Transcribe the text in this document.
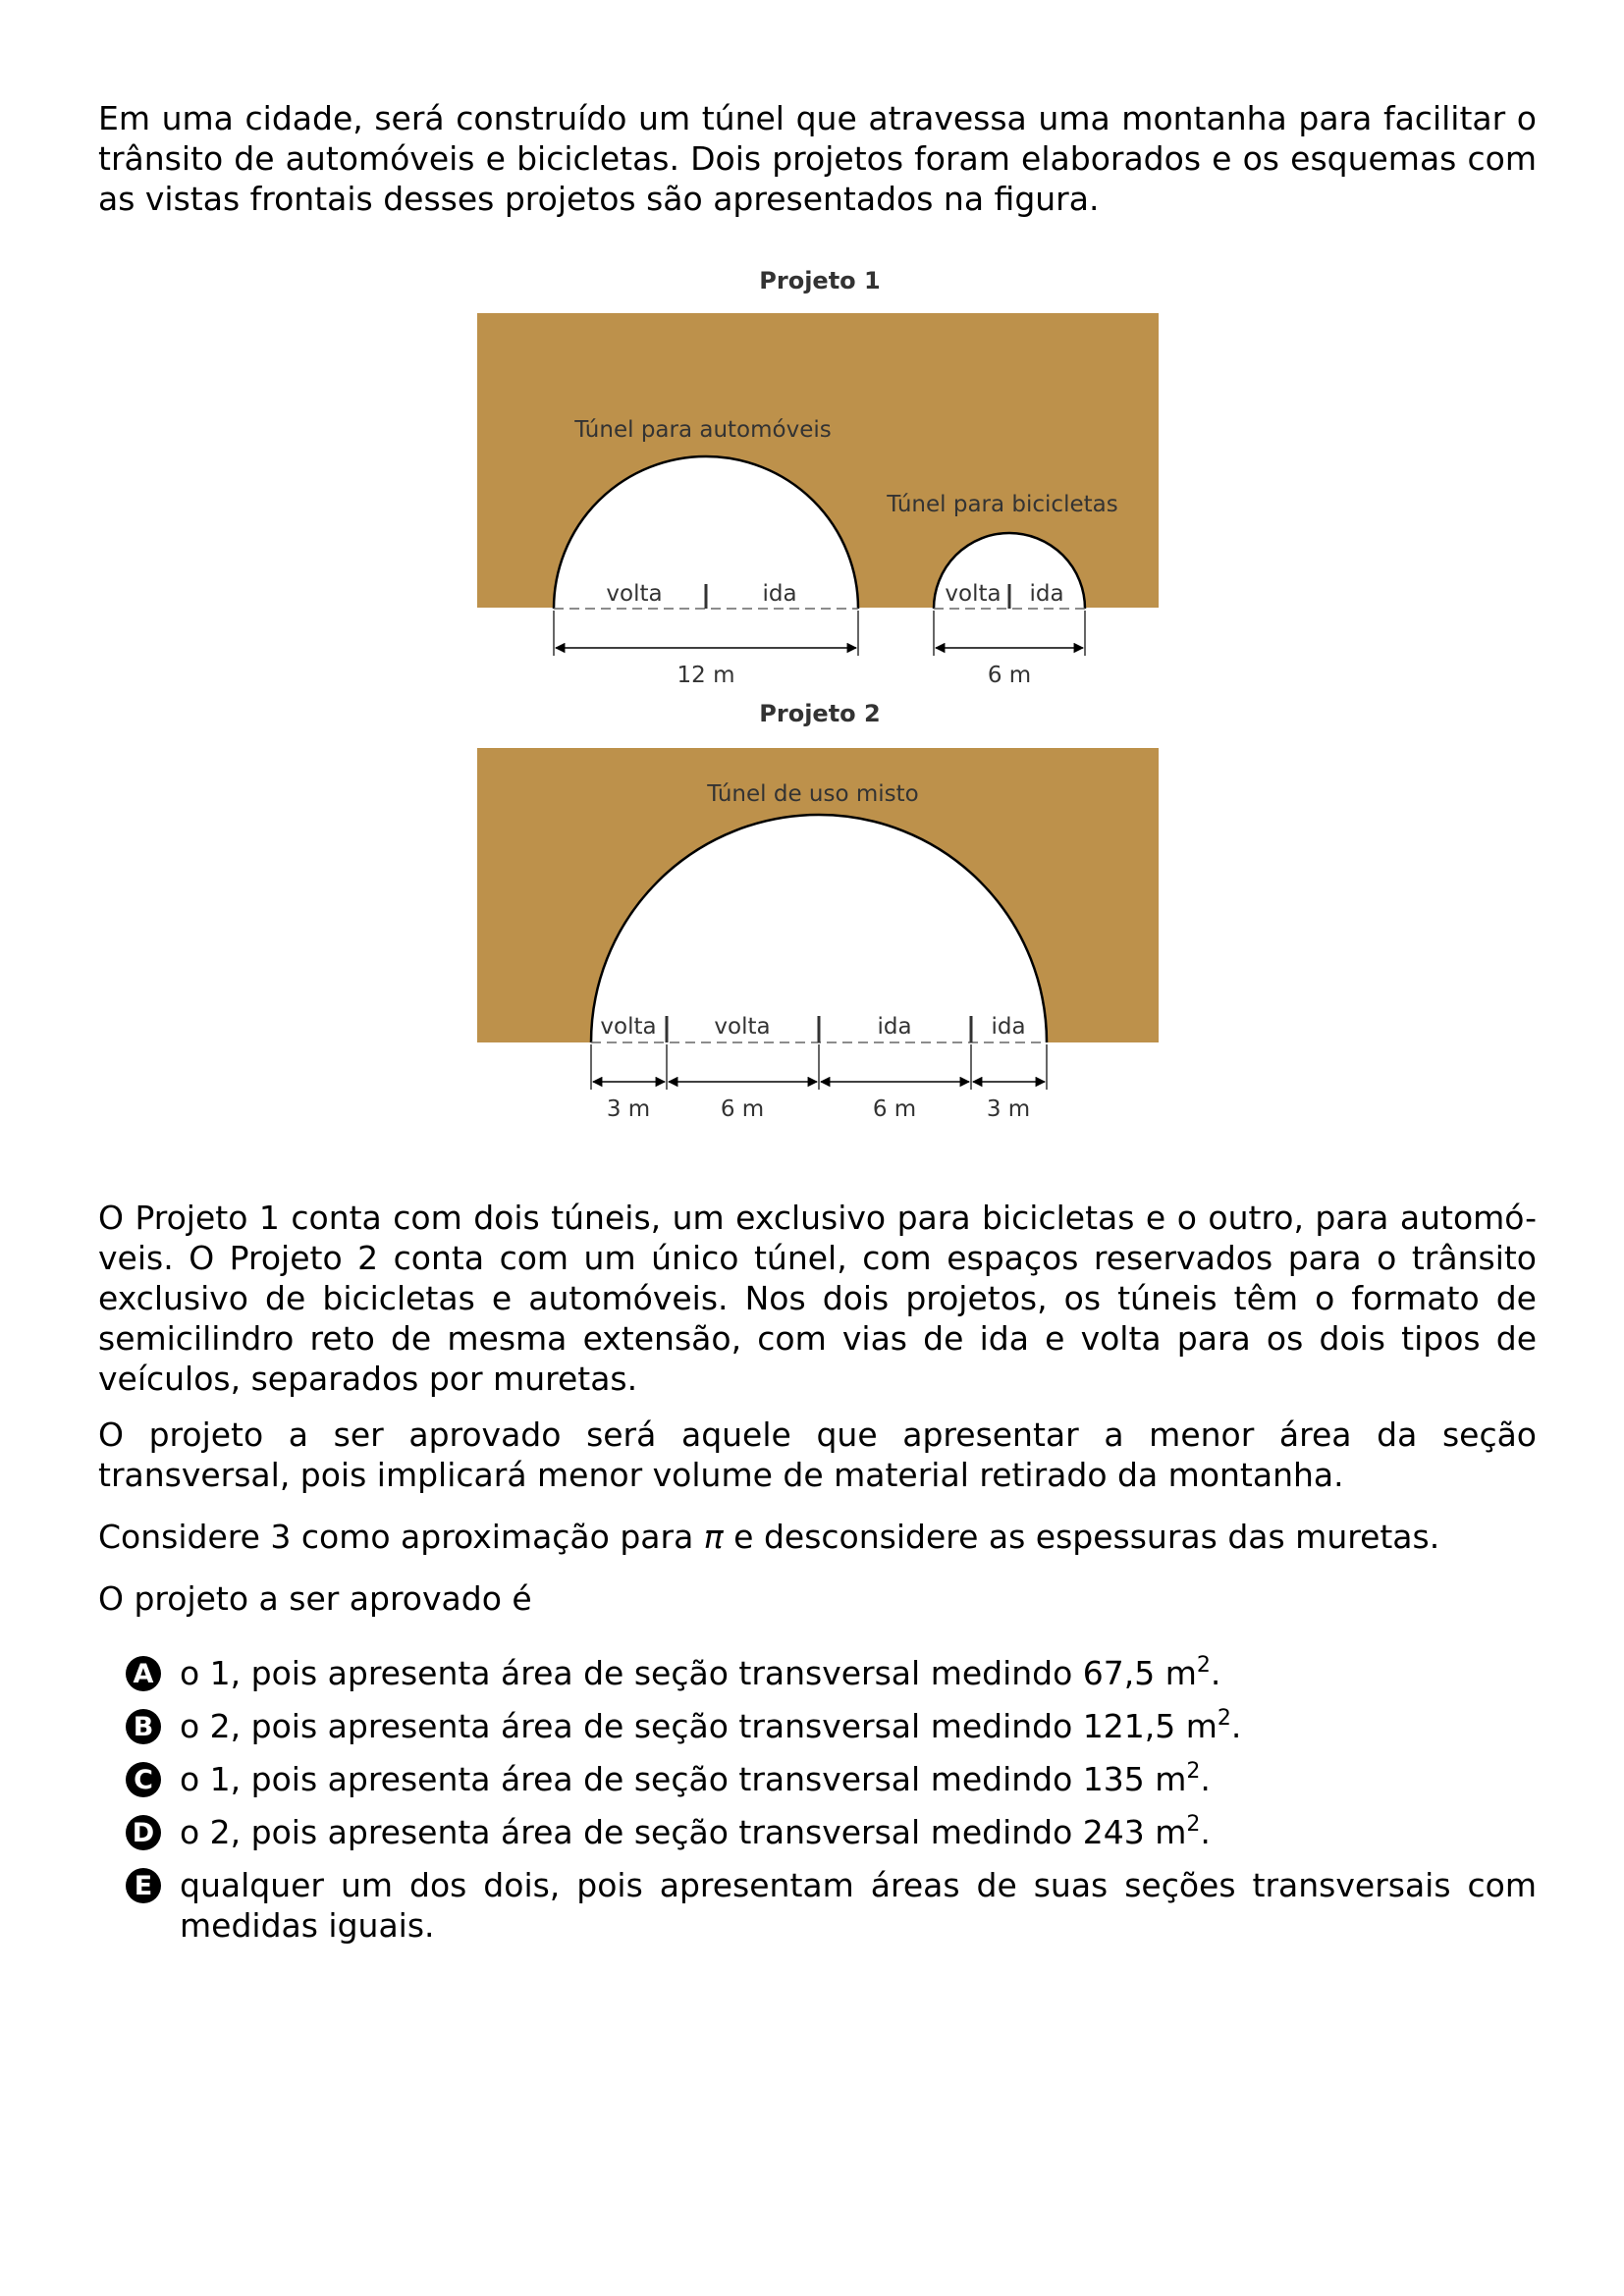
Em uma cidade, será construído um túnel que atravessa uma montanha para facilitar o trânsito de automóveis e bicicletas. Dois projetos foram elaborados e os esquemas com as vistas frontais desses projetos são apresentados na figura.

Projeto 1
Túnel para automóveis
volta	ida
12 m
Túnel para bicicletas
volta ida
6 m
Projeto 2
Túnel de uso misto
volta	volta	ida	ida
3 m	6 m	6 m	3 m

O Projeto 1 conta com dois túneis, um exclusivo para bicicletas e o outro, para automó- veis. O Projeto 2 conta com um único túnel, com espaços reservados para o trânsito exclusivo de bicicletas e automóveis. Nos dois projetos, os túneis têm o formato de semicilindro reto de mesma extensão, com vias de ida e volta para os dois tipos de veículos, separados por muretas.

O projeto a ser aprovado será aquele que apresentar a menor área da seção transversal, pois implicará menor volume de material retirado da montanha.

Considere 3 como aproximação para π e desconsidere as espessuras das muretas.

O projeto a ser aprovado é

A o 1, pois apresenta área de seção transversal medindo 67,5 $m^2$.
B o 2, pois apresenta área de seção transversal medindo 121,5 $m^2$.
C o 1, pois apresenta área de seção transversal medindo 135 $m^2$.
D o 2, pois apresenta área de seção transversal medindo 243 $m^2$.
E qualquer um dos dois, pois apresentam áreas de suas seções transversais com medidas iguais.
